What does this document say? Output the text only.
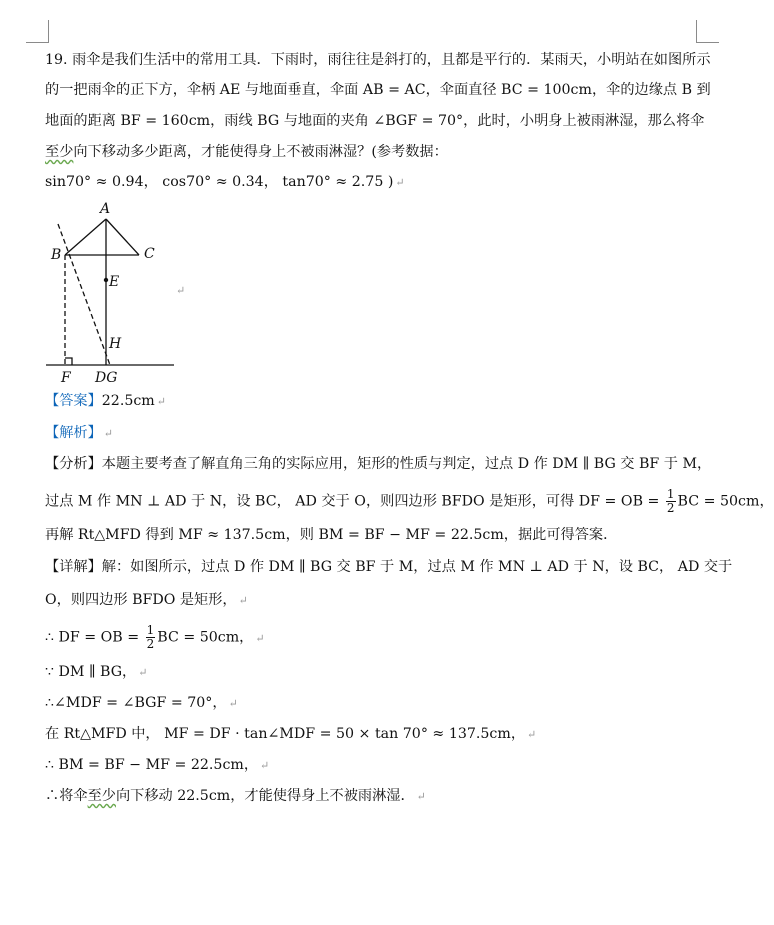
19. 雨伞是我们生活中的常用工具．下雨时，雨往往是斜打的，且都是平行的．某雨天，小明站在如图所示
的一把雨伞的正下方，伞柄 AE 与地面垂直，伞面 AB = AC，伞面直径 BC = 100cm，伞的边缘点 B 到
地面的距离 BF = 160cm，雨线 BG 与地面的夹角 ∠BGF = 70°，此时，小明身上被雨淋湿，那么将伞
至少向下移动多少距离，才能使得身上不被雨淋湿？(参考数据：
sin70° ≈ 0.94， cos70° ≈ 0.34， tan70° ≈ 2.75 ) ↵
A
B	C
E
H
F DG
↵
【答案】22.5cm ↵
【解析】 ↵
【分析】本题主要考查了解直角三角的实际应用，矩形的性质与判定，过点 D 作 DM ∥ BG 交 BF 于 M，
过点 M 作 MN ⊥ AD 于 N，设 BC， AD 交于 O，则四边形 BFDO 是矩形，可得 DF = OB = $\frac{1}{2}$ BC = 50cm，
再解 Rt△MFD 得到 MF ≈ 137.5cm，则 BM = BF − MF = 22.5cm，据此可得答案．
【详解】解：如图所示，过点 D 作 DM ∥ BG 交 BF 于 M，过点 M 作 MN ⊥ AD 于 N，设 BC， AD 交于
O，则四边形 BFDO 是矩形， ↵
∴ DF = OB = $\frac{1}{2}$ BC = 50cm， ↵
∵ DM ∥ BG， ↵
∴∠MDF = ∠BGF = 70°， ↵
在 Rt△MFD 中， MF = DF · tan∠MDF = 50 × tan 70° ≈ 137.5cm， ↵
∴ BM = BF − MF = 22.5cm， ↵
∴将伞至少向下移动 22.5cm，才能使得身上不被雨淋湿． ↵
